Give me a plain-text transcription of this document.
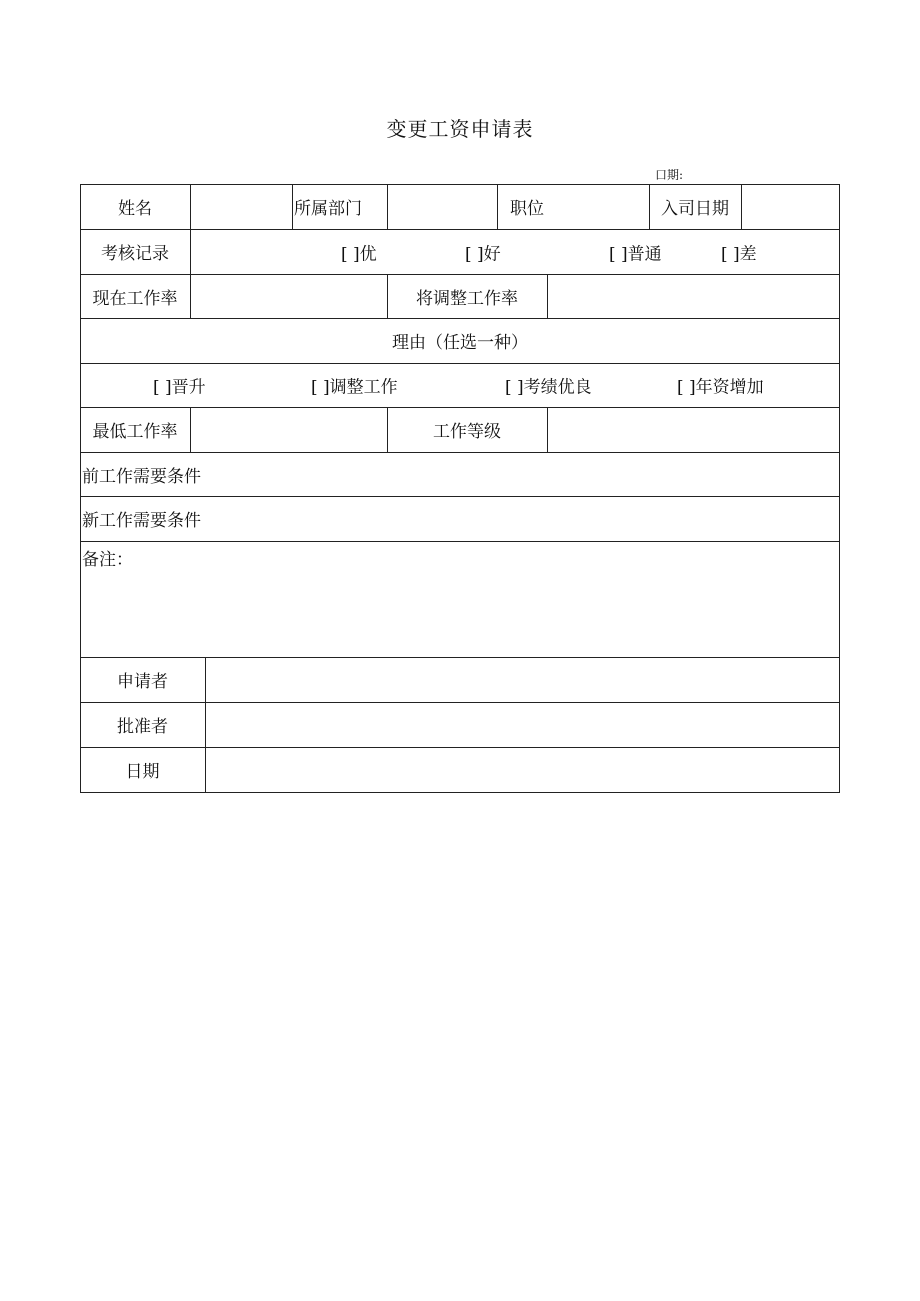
变更工资申请表
口期:
姓名	所属部门	职位	入司日期
考核记录	[ ]优	[ ]好	[ ]普通	[ ]差
现在工作率	将调整工作率
理由（任选一种）
[ ]晋升	[ ]调整工作	[ ]考绩优良	[ ]年资增加
最低工作率	工作等级
前工作需要条件
新工作需要条件
备注：
申请者
批准者
日期
